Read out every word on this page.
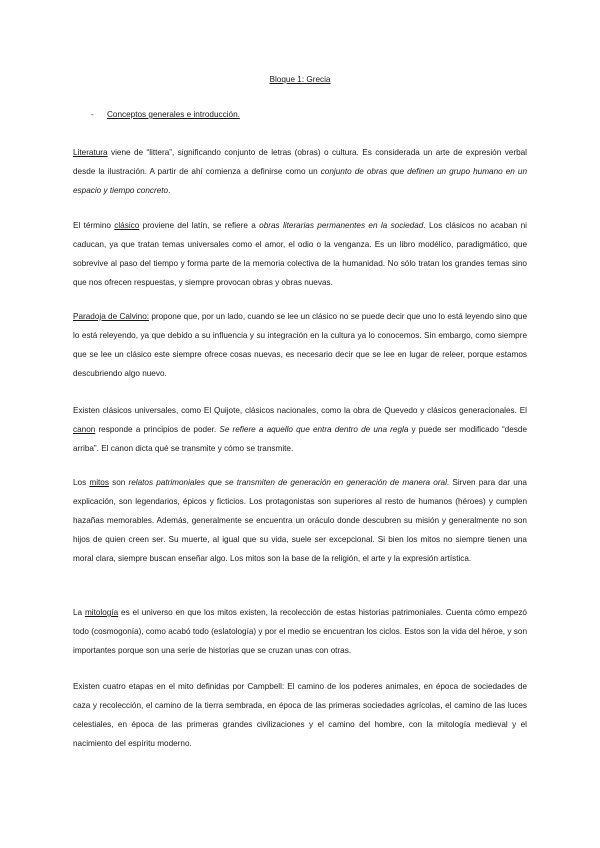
Bloque 1: Grecia
- Conceptos generales e introducción.
Literatura viene de “littera”, significando conjunto de letras (obras) o cultura. Es considerada un arte de expresión verbal desde la ilustración. A partir de ahí comienza a definirse como un conjunto de obras que definen un grupo humano en un espacio y tiempo concreto.
El término clásico proviene del latín, se refiere a obras literarias permanentes en la sociedad. Los clásicos no acaban ni caducan, ya que tratan temas universales como el amor, el odio o la venganza. Es un libro modélico, paradigmático, que sobrevive al paso del tiempo y forma parte de la memoria colectiva de la humanidad. No sólo tratan los grandes temas sino que nos ofrecen respuestas, y siempre provocan obras y obras nuevas.
Paradoja de Calvino: propone que, por un lado, cuando se lee un clásico no se puede decir que uno lo está leyendo sino que lo está releyendo, ya que debido a su influencia y su integración en la cultura ya lo conocemos. Sin embargo, como siempre que se lee un clásico este siempre ofrece cosas nuevas, es necesario decir que se lee en lugar de releer, porque estamos descubriendo algo nuevo.
Existen clásicos universales, como El Quijote, clásicos nacionales, como la obra de Quevedo y clásicos generacionales. El canon responde a principios de poder. Se refiere a aquello que entra dentro de una regla y puede ser modificado “desde arriba”. El canon dicta qué se transmite y cómo se transmite.
Los mitos son relatos patrimoniales que se transmiten de generación en generación de manera oral. Sirven para dar una explicación, son legendarios, épicos y ficticios. Los protagonistas son superiores al resto de humanos (héroes) y cumplen hazañas memorables. Además, generalmente se encuentra un oráculo donde descubren su misión y generalmente no son hijos de quien creen ser. Su muerte, al igual que su vida, suele ser excepcional. Si bien los mitos no siempre tienen una moral clara, siempre buscan enseñar algo. Los mitos son la base de la religión, el arte y la expresión artística.
La mitología es el universo en que los mitos existen, la recolección de estas historias patrimoniales. Cuenta cómo empezó todo (cosmogonía), como acabó todo (eslatología) y por el medio se encuentran los ciclos. Estos son la vida del héroe, y son importantes porque son una serie de historias que se cruzan unas con otras.
Existen cuatro etapas en el mito definidas por Campbell: El camino de los poderes animales, en época de sociedades de caza y recolección, el camino de la tierra sembrada, en época de las primeras sociedades agrícolas, el camino de las luces celestiales, en época de las primeras grandes civilizaciones y el camino del hombre, con la mitología medieval y el nacimiento del espíritu moderno.
